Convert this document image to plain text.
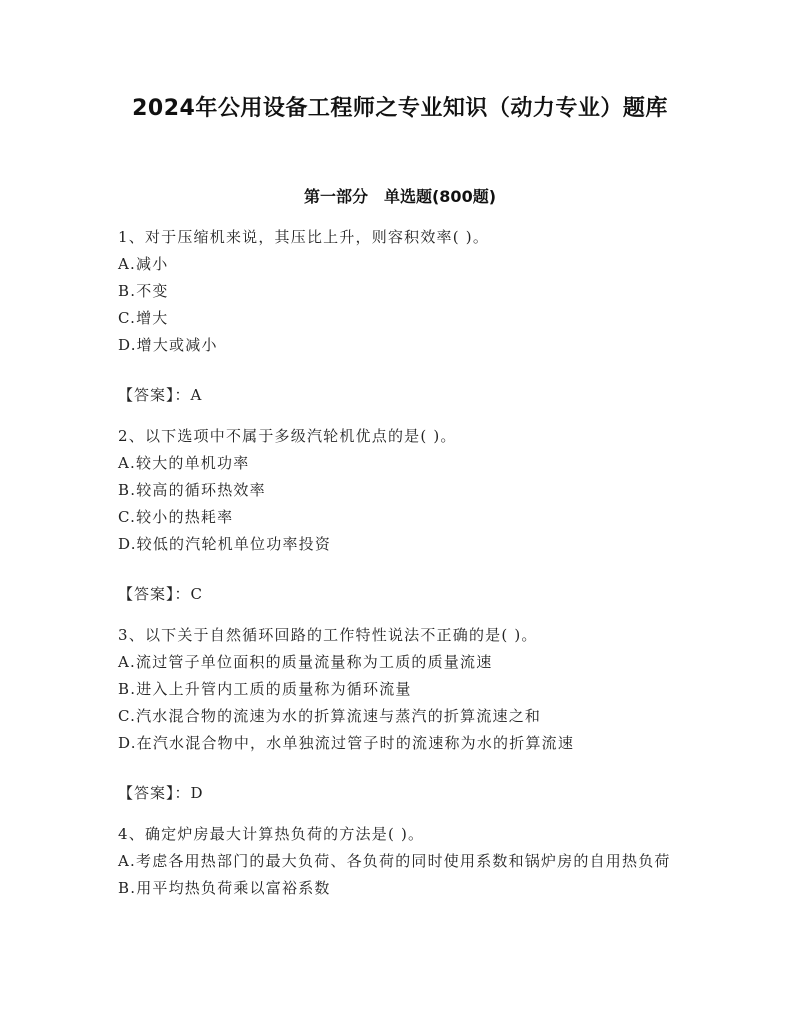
2024年公用设备工程师之专业知识（动力专业）题库
第一部分　单选题(800题)
1、对于压缩机来说，其压比上升，则容积效率( )。
A.减小
B.不变
C.增大
D.增大或减小
【答案】：A
2、以下选项中不属于多级汽轮机优点的是( )。
A.较大的单机功率
B.较高的循环热效率
C.较小的热耗率
D.较低的汽轮机单位功率投资
【答案】：C
3、以下关于自然循环回路的工作特性说法不正确的是( )。
A.流过管子单位面积的质量流量称为工质的质量流速
B.进入上升管内工质的质量称为循环流量
C.汽水混合物的流速为水的折算流速与蒸汽的折算流速之和
D.在汽水混合物中，水单独流过管子时的流速称为水的折算流速
【答案】：D
4、确定炉房最大计算热负荷的方法是( )。
A.考虑各用热部门的最大负荷、各负荷的同时使用系数和锅炉房的自用热负荷
B.用平均热负荷乘以富裕系数
